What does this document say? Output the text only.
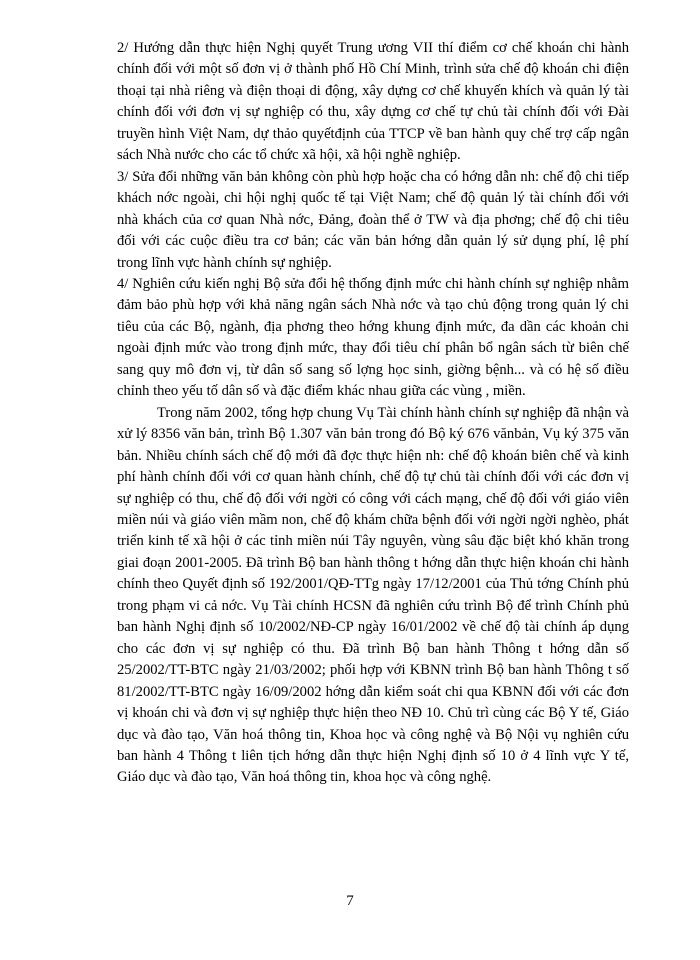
2/ Hướng dẫn thực hiện Nghị quyết Trung ương VII thí điểm cơ chế khoán chi hành chính đối với một số đơn vị ở thành phố Hồ Chí Minh, trình sửa chế độ khoán chi điện thoại tại nhà riêng và điện thoại di động, xây dựng cơ chế khuyến khích và quản lý tài chính đối với đơn vị sự nghiệp có thu, xây dựng cơ chế tự chủ tài chính đối với Đài truyền hình Việt Nam, dự thảo quyếtđịnh của TTCP về ban hành quy chế trợ cấp ngân sách Nhà nước cho các tổ chức xã hội, xã hội nghề nghiệp.

3/ Sửa đổi những văn bản không còn phù hợp hoặc cha có hớng dẫn nh: chế độ chi tiếp khách nớc ngoài, chi hội nghị quốc tế tại Việt Nam; chế độ quản lý tài chính đối với nhà khách của cơ quan Nhà nớc, Đảng, đoàn thể ở TW và địa phơng; chế độ chi tiêu đối với các cuộc điều tra cơ bản; các văn bản hớng dẫn quản lý sử dụng phí, lệ phí trong lĩnh vực hành chính sự nghiệp.

4/ Nghiên cứu kiến nghị Bộ sửa đổi hệ thống định mức chi hành chính sự nghiệp nhằm đảm bảo phù hợp với khả năng ngân sách Nhà nớc và tạo chủ động trong quản lý chi tiêu của các Bộ, ngành, địa phơng theo hớng khung định mức, đa dần các khoản chi ngoài định mức vào trong định mức, thay đổi tiêu chí phân bổ ngân sách từ biên chế sang quy mô đơn vị, từ dân số sang số lợng học sinh, giờng bệnh... và có hệ số điều chỉnh theo yếu tố dân số và đặc điểm khác nhau giữa các vùng , miền.

Trong năm 2002, tổng hợp chung Vụ Tài chính hành chính sự nghiệp đã nhận và xử lý 8356 văn bản, trình Bộ 1.307 văn bản trong đó Bộ ký 676 vănbản, Vụ ký 375 văn bản. Nhiều chính sách chế độ mới đã đợc thực hiện nh: chế độ khoán biên chế và kinh phí hành chính đối với cơ quan hành chính, chế độ tự chủ tài chính đối với các đơn vị sự nghiệp có thu, chế độ đối với ngời có công với cách mạng, chế độ đối với giáo viên miền núi và giáo viên mầm non, chế độ khám chữa bệnh đối với ngời ngời nghèo, phát triển kinh tế xã hội ở các tỉnh miền núi Tây nguyên, vùng sâu đặc biệt khó khăn trong giai đoạn 2001-2005. Đã trình Bộ ban hành thông t hớng dẫn thực hiện khoán chi hành chính theo Quyết định số 192/2001/QĐ-TTg ngày 17/12/2001 của Thủ tớng Chính phủ trong phạm vi cả nớc. Vụ Tài chính HCSN đã nghiên cứu trình Bộ để trình Chính phủ ban hành Nghị định số 10/2002/NĐ-CP ngày 16/01/2002 về chế độ tài chính áp dụng cho các đơn vị sự nghiệp có thu. Đã trình Bộ ban hành Thông t hớng dẫn số 25/2002/TT-BTC ngày 21/03/2002; phối hợp với KBNN trình Bộ ban hành Thông t số 81/2002/TT-BTC ngày 16/09/2002 hớng dẫn kiểm soát chi qua KBNN đối với các đơn vị khoán chi và đơn vị sự nghiệp thực hiện theo NĐ 10. Chủ trì cùng các Bộ Y tế, Giáo dục và đào tạo, Văn hoá thông tin, Khoa học và công nghệ và Bộ Nội vụ nghiên cứu ban hành 4 Thông t liên tịch hớng dẫn thực hiện Nghị định số 10 ở 4 lĩnh vực Y tế, Giáo dục và đào tạo, Văn hoá thông tin, khoa học và công nghệ.

7
